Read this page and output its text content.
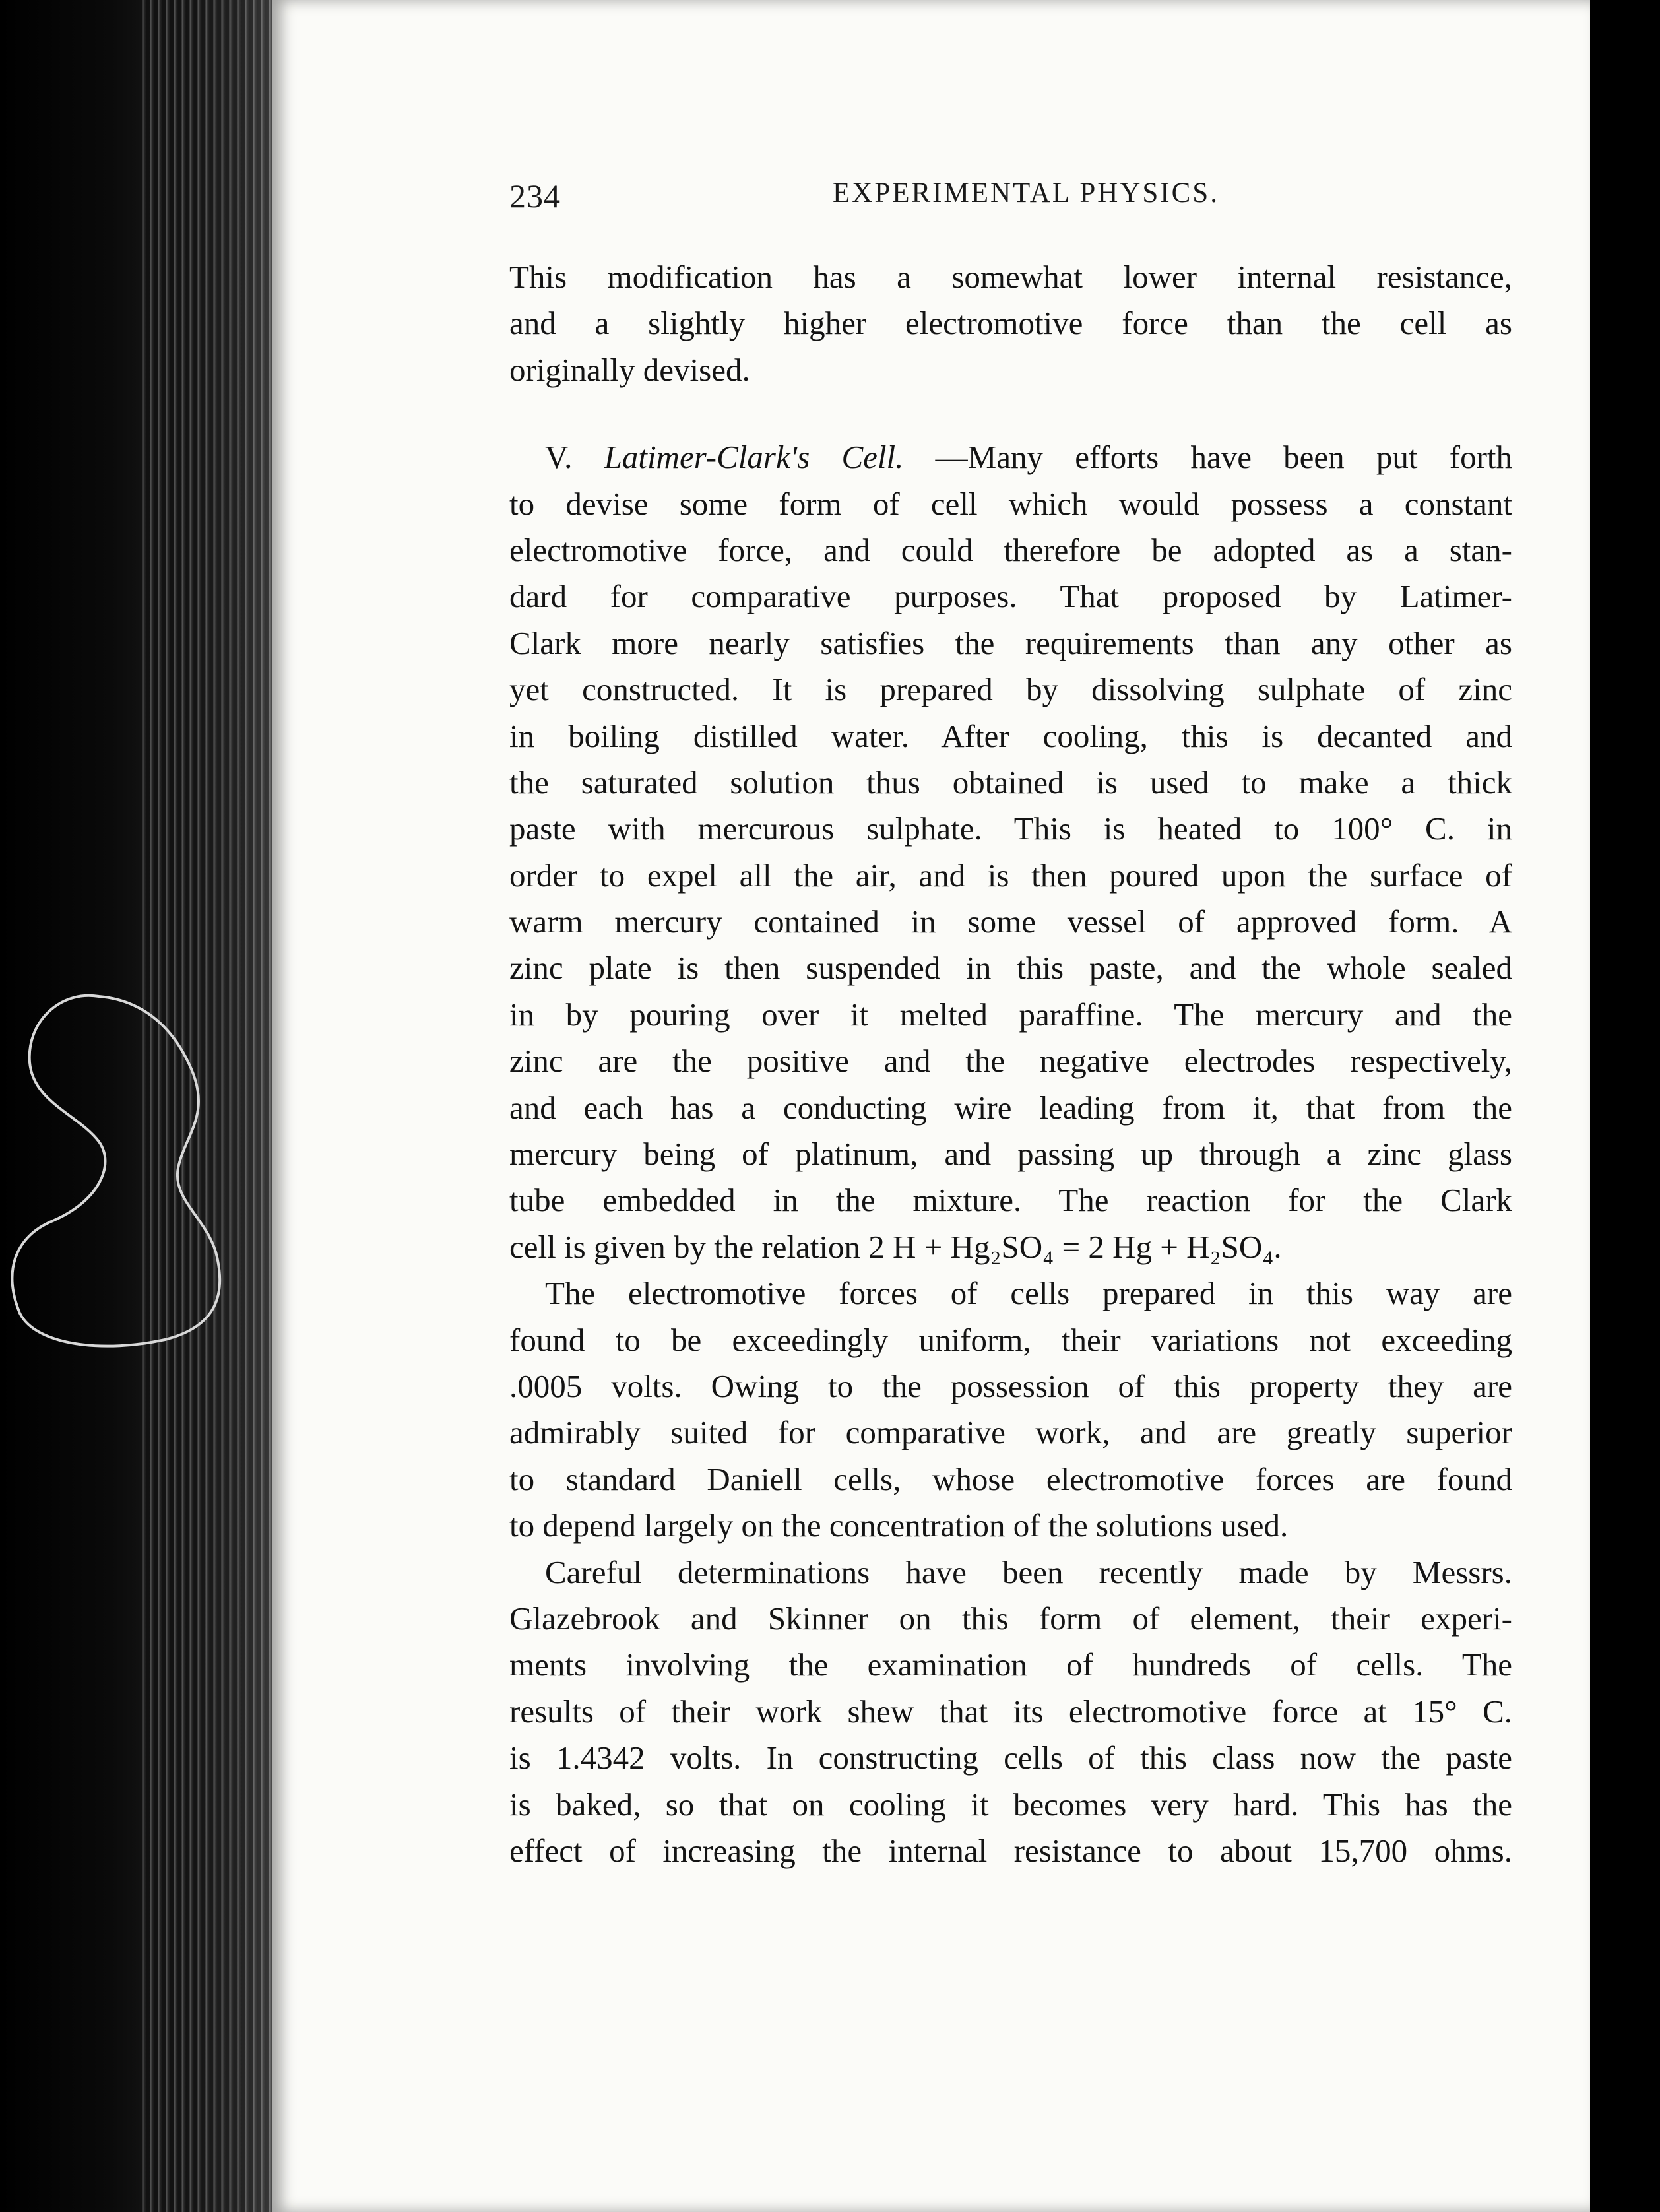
234	EXPERIMENTAL PHYSICS.
This modification has a somewhat lower internal resistance,
and a slightly higher electromotive force than the cell as
originally devised.
V. Latimer-Clark's Cell. —Many efforts have been put forth
to devise some form of cell which would possess a constant
electromotive force, and could therefore be adopted as a stan-
dard for comparative purposes. That proposed by Latimer-
Clark more nearly satisfies the requirements than any other as
yet constructed. It is prepared by dissolving sulphate of zinc
in boiling distilled water. After cooling, this is decanted and
the saturated solution thus obtained is used to make a thick
paste with mercurous sulphate. This is heated to 100° C. in
order to expel all the air, and is then poured upon the surface of
warm mercury contained in some vessel of approved form. A
zinc plate is then suspended in this paste, and the whole sealed
in by pouring over it melted paraffine. The mercury and the
zinc are the positive and the negative electrodes respectively,
and each has a conducting wire leading from it, that from the
mercury being of platinum, and passing up through a zinc glass
tube embedded in the mixture. The reaction for the Clark
cell is given by the relation 2 H + Hg₂SO₄ = 2 Hg + H₂SO₄.
The electromotive forces of cells prepared in this way are
found to be exceedingly uniform, their variations not exceeding
.0005 volts. Owing to the possession of this property they are
admirably suited for comparative work, and are greatly superior
to standard Daniell cells, whose electromotive forces are found
to depend largely on the concentration of the solutions used.
Careful determinations have been recently made by Messrs.
Glazebrook and Skinner on this form of element, their experi-
ments involving the examination of hundreds of cells. The
results of their work shew that its electromotive force at 15° C.
is 1.4342 volts. In constructing cells of this class now the paste
is baked, so that on cooling it becomes very hard. This has the
effect of increasing the internal resistance to about 15,700 ohms.
